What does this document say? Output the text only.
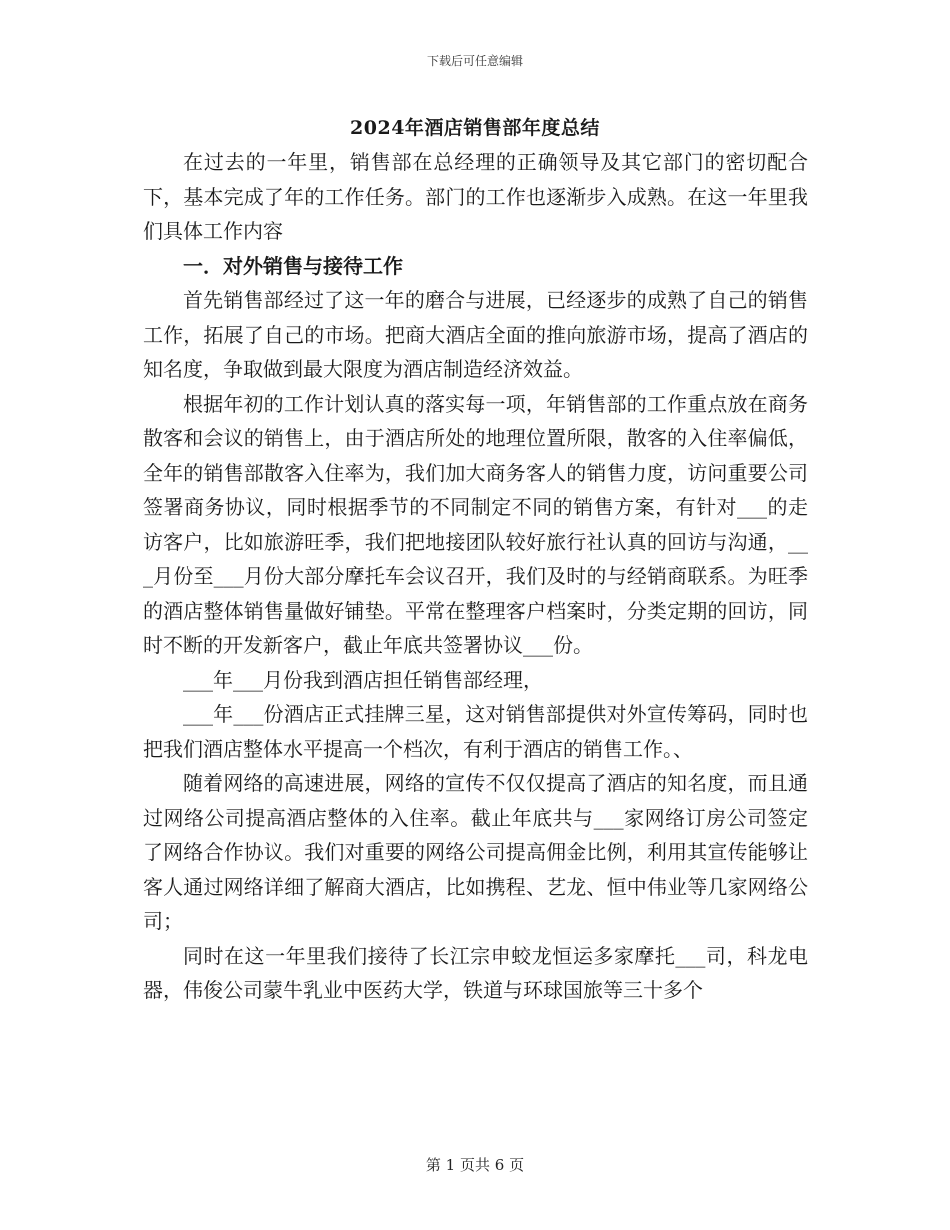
下载后可任意编辑
2024年酒店销售部年度总结

在过去的一年里，销售部在总经理的正确领导及其它部门的密切配合下，基本完成了年的工作任务。部门的工作也逐渐步入成熟。在这一年里我们具体工作内容

一．对外销售与接待工作

首先销售部经过了这一年的磨合与进展，已经逐步的成熟了自己的销售工作，拓展了自己的市场。把商大酒店全面的推向旅游市场，提高了酒店的知名度，争取做到最大限度为酒店制造经济效益。

根据年初的工作计划认真的落实每一项，年销售部的工作重点放在商务散客和会议的销售上，由于酒店所处的地理位置所限，散客的入住率偏低，全年的销售部散客入住率为，我们加大商务客人的销售力度，访问重要公司签署商务协议，同时根据季节的不同制定不同的销售方案，有针对___的走访客户，比如旅游旺季，我们把地接团队较好旅行社认真的回访与沟通，___月份至___月份大部分摩托车会议召开，我们及时的与经销商联系。为旺季的酒店整体销售量做好铺垫。平常在整理客户档案时，分类定期的回访，同时不断的开发新客户，截止年底共签署协议___份。

___年___月份我到酒店担任销售部经理，

___年___份酒店正式挂牌三星，这对销售部提供对外宣传筹码，同时也把我们酒店整体水平提高一个档次，有利于酒店的销售工作。、

随着网络的高速进展，网络的宣传不仅仅提高了酒店的知名度，而且通过网络公司提高酒店整体的入住率。截止年底共与___家网络订房公司签定了网络合作协议。我们对重要的网络公司提高佣金比例，利用其宣传能够让客人通过网络详细了解商大酒店，比如携程、艺龙、恒中伟业等几家网络公司；

同时在这一年里我们接待了长江宗申蛟龙恒运多家摩托___司，科龙电器，伟俊公司蒙牛乳业中医药大学，铁道与环球国旅等三十多个

第 1 页共 6 页
